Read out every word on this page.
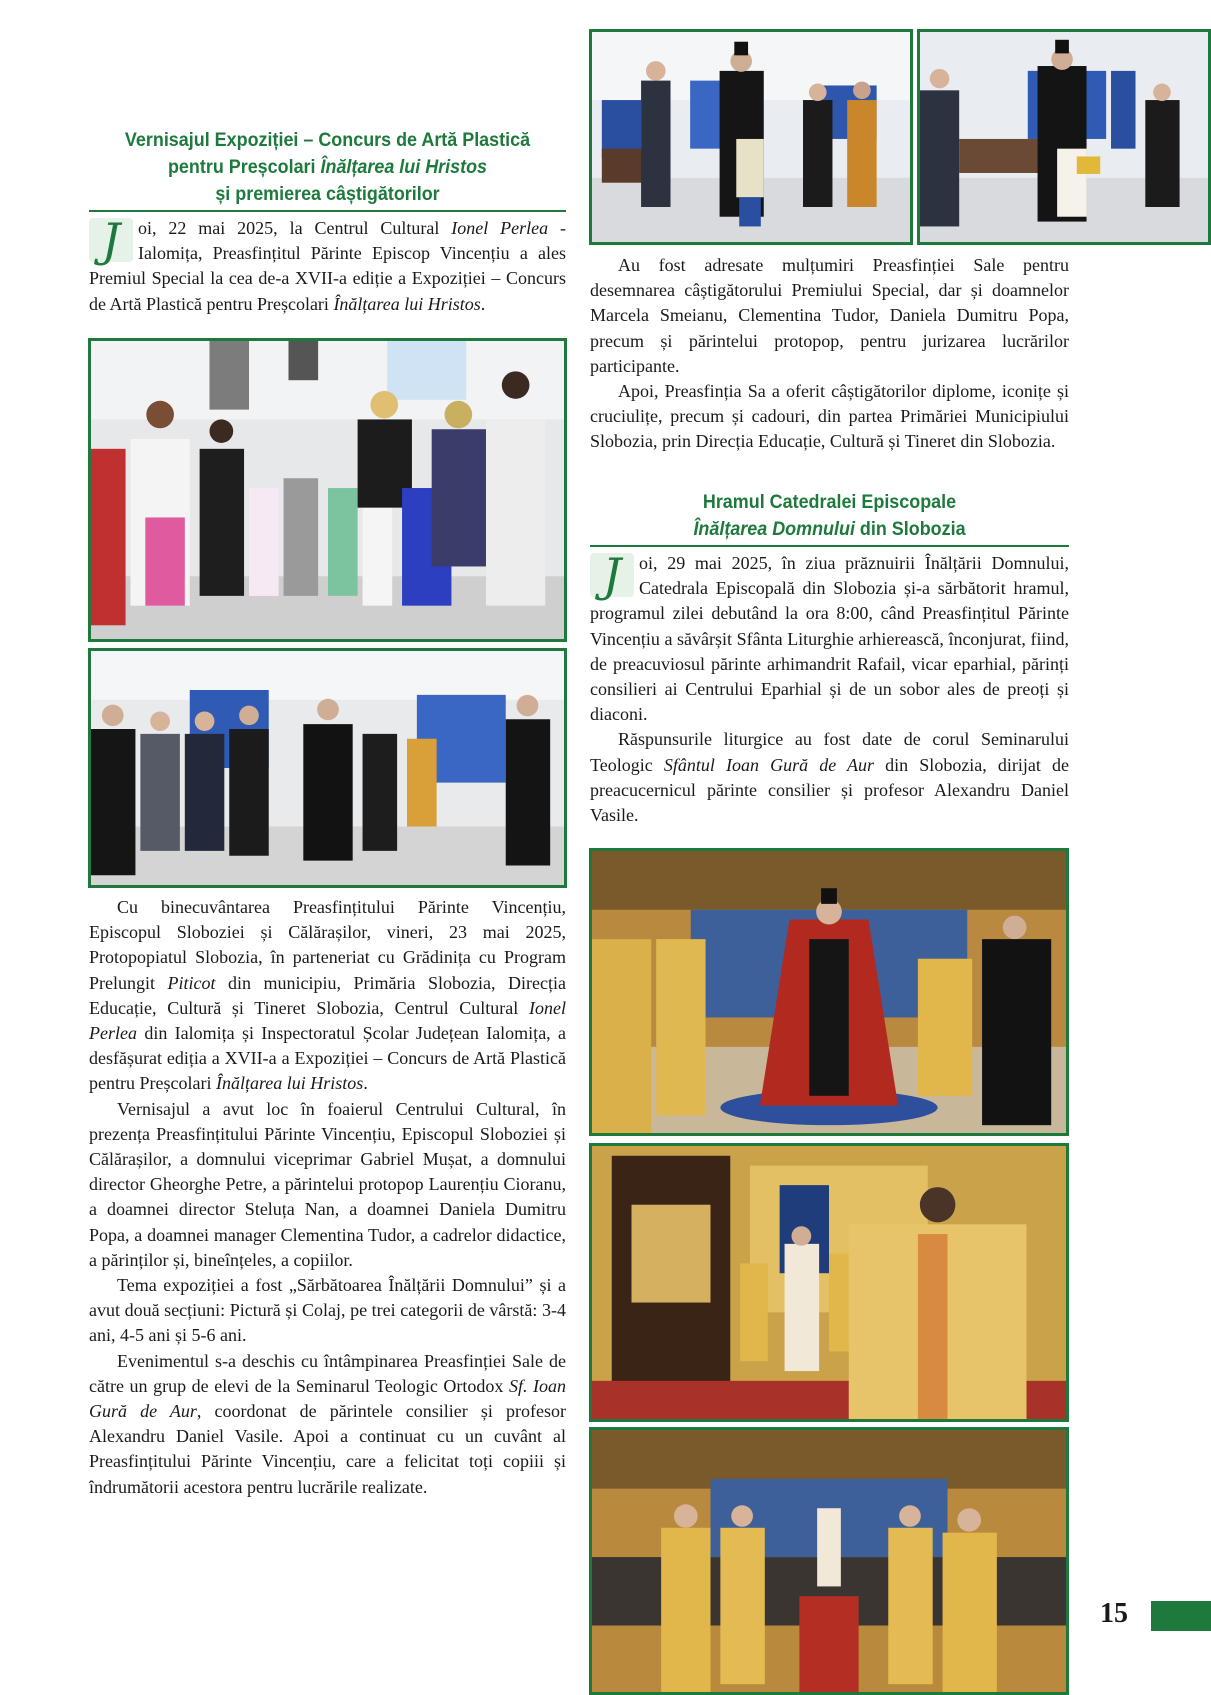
Vernisajul Expoziției – Concurs de Artă Plastică
pentru Preșcolari Înălțarea lui Hristos
și premierea câștigătorilor

J oi, 22 mai 2025, la Centrul Cultural Ionel Perlea - Ialomița, Preasfințitul Părinte Episcop Vincențiu a ales Premiul Special la cea de-a XVII-a ediție a Expoziției – Concurs de Artă Plastică pentru Preșcolari Înălțarea lui Hristos.

Cu binecuvântarea Preasfințitului Părinte Vincențiu, Episcopul Sloboziei și Călărașilor, vineri, 23 mai 2025, Protopopiatul Slobozia, în parteneriat cu Grădinița cu Program Prelungit Piticot din municipiu, Primăria Slobozia, Direcția Educație, Cultură și Tineret Slobozia, Centrul Cultural Ionel Perlea din Ialomița și Inspectoratul Școlar Județean Ialomița, a desfășurat ediția a XVII-a a Expoziției – Concurs de Artă Plastică pentru Preșcolari Înălțarea lui Hristos.

Vernisajul a avut loc în foaierul Centrului Cultural, în prezența Preasfințitului Părinte Vincențiu, Episcopul Sloboziei și Călărașilor, a domnului viceprimar Gabriel Mușat, a domnului director Gheorghe Petre, a părintelui protopop Laurențiu Cioranu, a doamnei director Steluța Nan, a doamnei Daniela Dumitru Popa, a doamnei manager Clementina Tudor, a cadrelor didactice, a părinților și, bineînțeles, a copiilor.

Tema expoziției a fost „Sărbătoarea Înălțării Domnului” și a avut două secțiuni: Pictură și Colaj, pe trei categorii de vârstă: 3-4 ani, 4-5 ani și 5-6 ani.

Evenimentul s-a deschis cu întâmpinarea Preasfinției Sale de către un grup de elevi de la Seminarul Teologic Ortodox Sf. Ioan Gură de Aur, coordonat de părintele consilier și profesor Alexandru Daniel Vasile. Apoi a continuat cu un cuvânt al Preasfințitului Părinte Vincențiu, care a felicitat toți copiii și îndrumătorii acestora pentru lucrările realizate.

Au fost adresate mulțumiri Preasfinției Sale pentru desemnarea câștigătorului Premiului Special, dar și doamnelor Marcela Smeianu, Clementina Tudor, Daniela Dumitru Popa, precum și părintelui protopop, pentru jurizarea lucrărilor participante.

Apoi, Preasfinția Sa a oferit câștigătorilor diplome, iconițe și cruciulițe, precum și cadouri, din partea Primăriei Municipiului Slobozia, prin Direcția Educație, Cultură și Tineret din Slobozia.

Hramul Catedralei Episcopale
Înălțarea Domnului din Slobozia

J oi, 29 mai 2025, în ziua prăznuirii Înălțării Domnului, Catedrala Episcopală din Slobozia și-a sărbătorit hramul, programul zilei debutând la ora 8:00, când Preasfințitul Părinte Vincențiu a săvârșit Sfânta Liturghie arhierească, înconjurat, fiind, de preacuviosul părinte arhimandrit Rafail, vicar eparhial, părinți consilieri ai Centrului Eparhial și de un sobor ales de preoți și diaconi.

Răspunsurile liturgice au fost date de corul Seminarului Teologic Sfântul Ioan Gură de Aur din Slobozia, dirijat de preacucernicul părinte consilier și profesor Alexandru Daniel Vasile.

15
